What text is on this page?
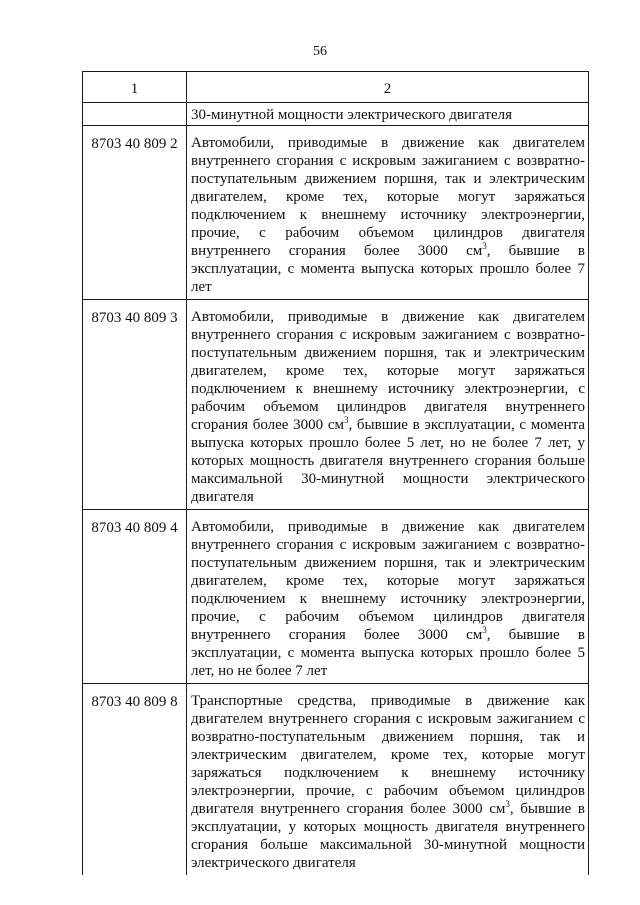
56
1	2
	30-минутной мощности электрического двигателя
8703 40 809 2	Автомобили, приводимые в движение как двигателем внутреннего сгорания с искровым зажиганием с возвратно-поступательным движением поршня, так и электрическим двигателем, кроме тех, которые могут заряжаться подключением к внешнему источнику электроэнергии, прочие, с рабочим объемом цилиндров двигателя внутреннего сгорания более 3000 $см^3$, бывшие в эксплуатации, с момента выпуска которых прошло более 7 лет
8703 40 809 3	Автомобили, приводимые в движение как двигателем внутреннего сгорания с искровым зажиганием с возвратно-поступательным движением поршня, так и электрическим двигателем, кроме тех, которые могут заряжаться подключением к внешнему источнику электроэнергии, с рабочим объемом цилиндров двигателя внутреннего сгорания более 3000 $см^3$, бывшие в эксплуатации, с момента выпуска которых прошло более 5 лет, но не более 7 лет, у которых мощность двигателя внутреннего сгорания больше максимальной 30-минутной мощности электрического двигателя
8703 40 809 4	Автомобили, приводимые в движение как двигателем внутреннего сгорания с искровым зажиганием с возвратно-поступательным движением поршня, так и электрическим двигателем, кроме тех, которые могут заряжаться подключением к внешнему источнику электроэнергии, прочие, с рабочим объемом цилиндров двигателя внутреннего сгорания более 3000 $см^3$, бывшие в эксплуатации, с момента выпуска которых прошло более 5 лет, но не более 7 лет
8703 40 809 8	Транспортные средства, приводимые в движение как двигателем внутреннего сгорания с искровым зажиганием с возвратно-поступательным движением поршня, так и электрическим двигателем, кроме тех, которые могут заряжаться подключением к внешнему источнику электроэнергии, прочие, с рабочим объемом цилиндров двигателя внутреннего сгорания более 3000 $см^3$, бывшие в эксплуатации, у которых мощность двигателя внутреннего сгорания больше максимальной 30-минутной мощности электрического двигателя
